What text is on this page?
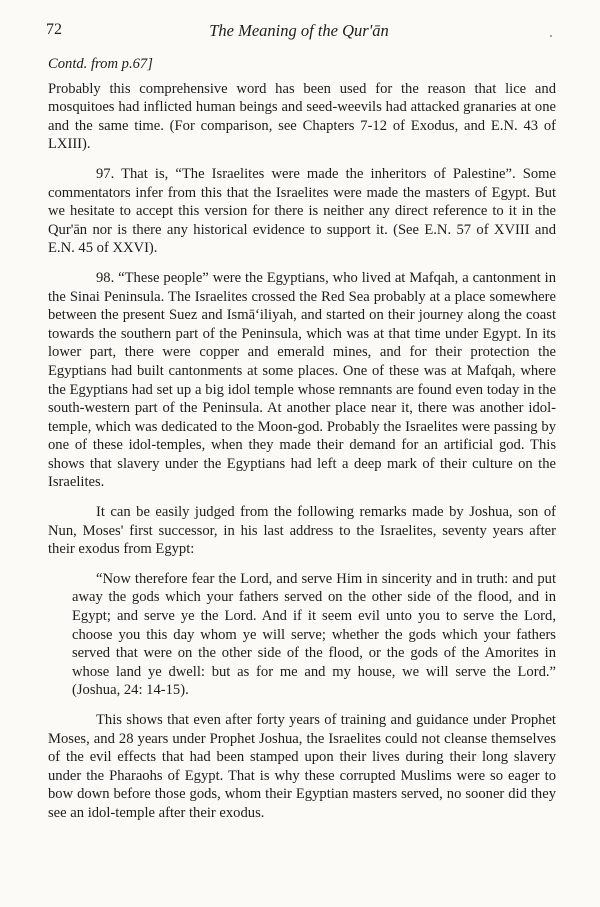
72	The Meaning of the Qur'ān

Contd. from p.67]

Probably this comprehensive word has been used for the reason that lice and mosquitoes had inflicted human beings and seed-weevils had attacked granaries at one and the same time. (For comparison, see Chapters 7-12 of Exodus, and E.N. 43 of LXIII).

97. That is, “The Israelites were made the inheritors of Palestine”. Some commentators infer from this that the Israelites were made the masters of Egypt. But we hesitate to accept this version for there is neither any direct reference to it in the Qur'ān nor is there any historical evidence to support it. (See E.N. 57 of XVIII and E.N. 45 of XXVI).

98. “These people” were the Egyptians, who lived at Mafqah, a cantonment in the Sinai Peninsula. The Israelites crossed the Red Sea probably at a place somewhere between the present Suez and Ismā‘iliyah, and started on their journey along the coast towards the southern part of the Peninsula, which was at that time under Egypt. In its lower part, there were copper and emerald mines, and for their protection the Egyptians had built cantonments at some places. One of these was at Mafqah, where the Egyptians had set up a big idol temple whose remnants are found even today in the south-western part of the Peninsula. At another place near it, there was another idol-temple, which was dedicated to the Moon-god. Probably the Israelites were passing by one of these idol-temples, when they made their demand for an artificial god. This shows that slavery under the Egyptians had left a deep mark of their culture on the Israelites.

It can be easily judged from the following remarks made by Joshua, son of Nun, Moses' first successor, in his last address to the Israelites, seventy years after their exodus from Egypt:

“Now therefore fear the Lord, and serve Him in sincerity and in truth: and put away the gods which your fathers served on the other side of the flood, and in Egypt; and serve ye the Lord. And if it seem evil unto you to serve the Lord, choose you this day whom ye will serve; whether the gods which your fathers served that were on the other side of the flood, or the gods of the Amorites in whose land ye dwell: but as for me and my house, we will serve the Lord.” (Joshua, 24: 14-15).

This shows that even after forty years of training and guidance under Prophet Moses, and 28 years under Prophet Joshua, the Israelites could not cleanse themselves of the evil effects that had been stamped upon their lives during their long slavery under the Pharaohs of Egypt. That is why these corrupted Muslims were so eager to bow down before those gods, whom their Egyptian masters served, no sooner did they see an idol-temple after their exodus.
